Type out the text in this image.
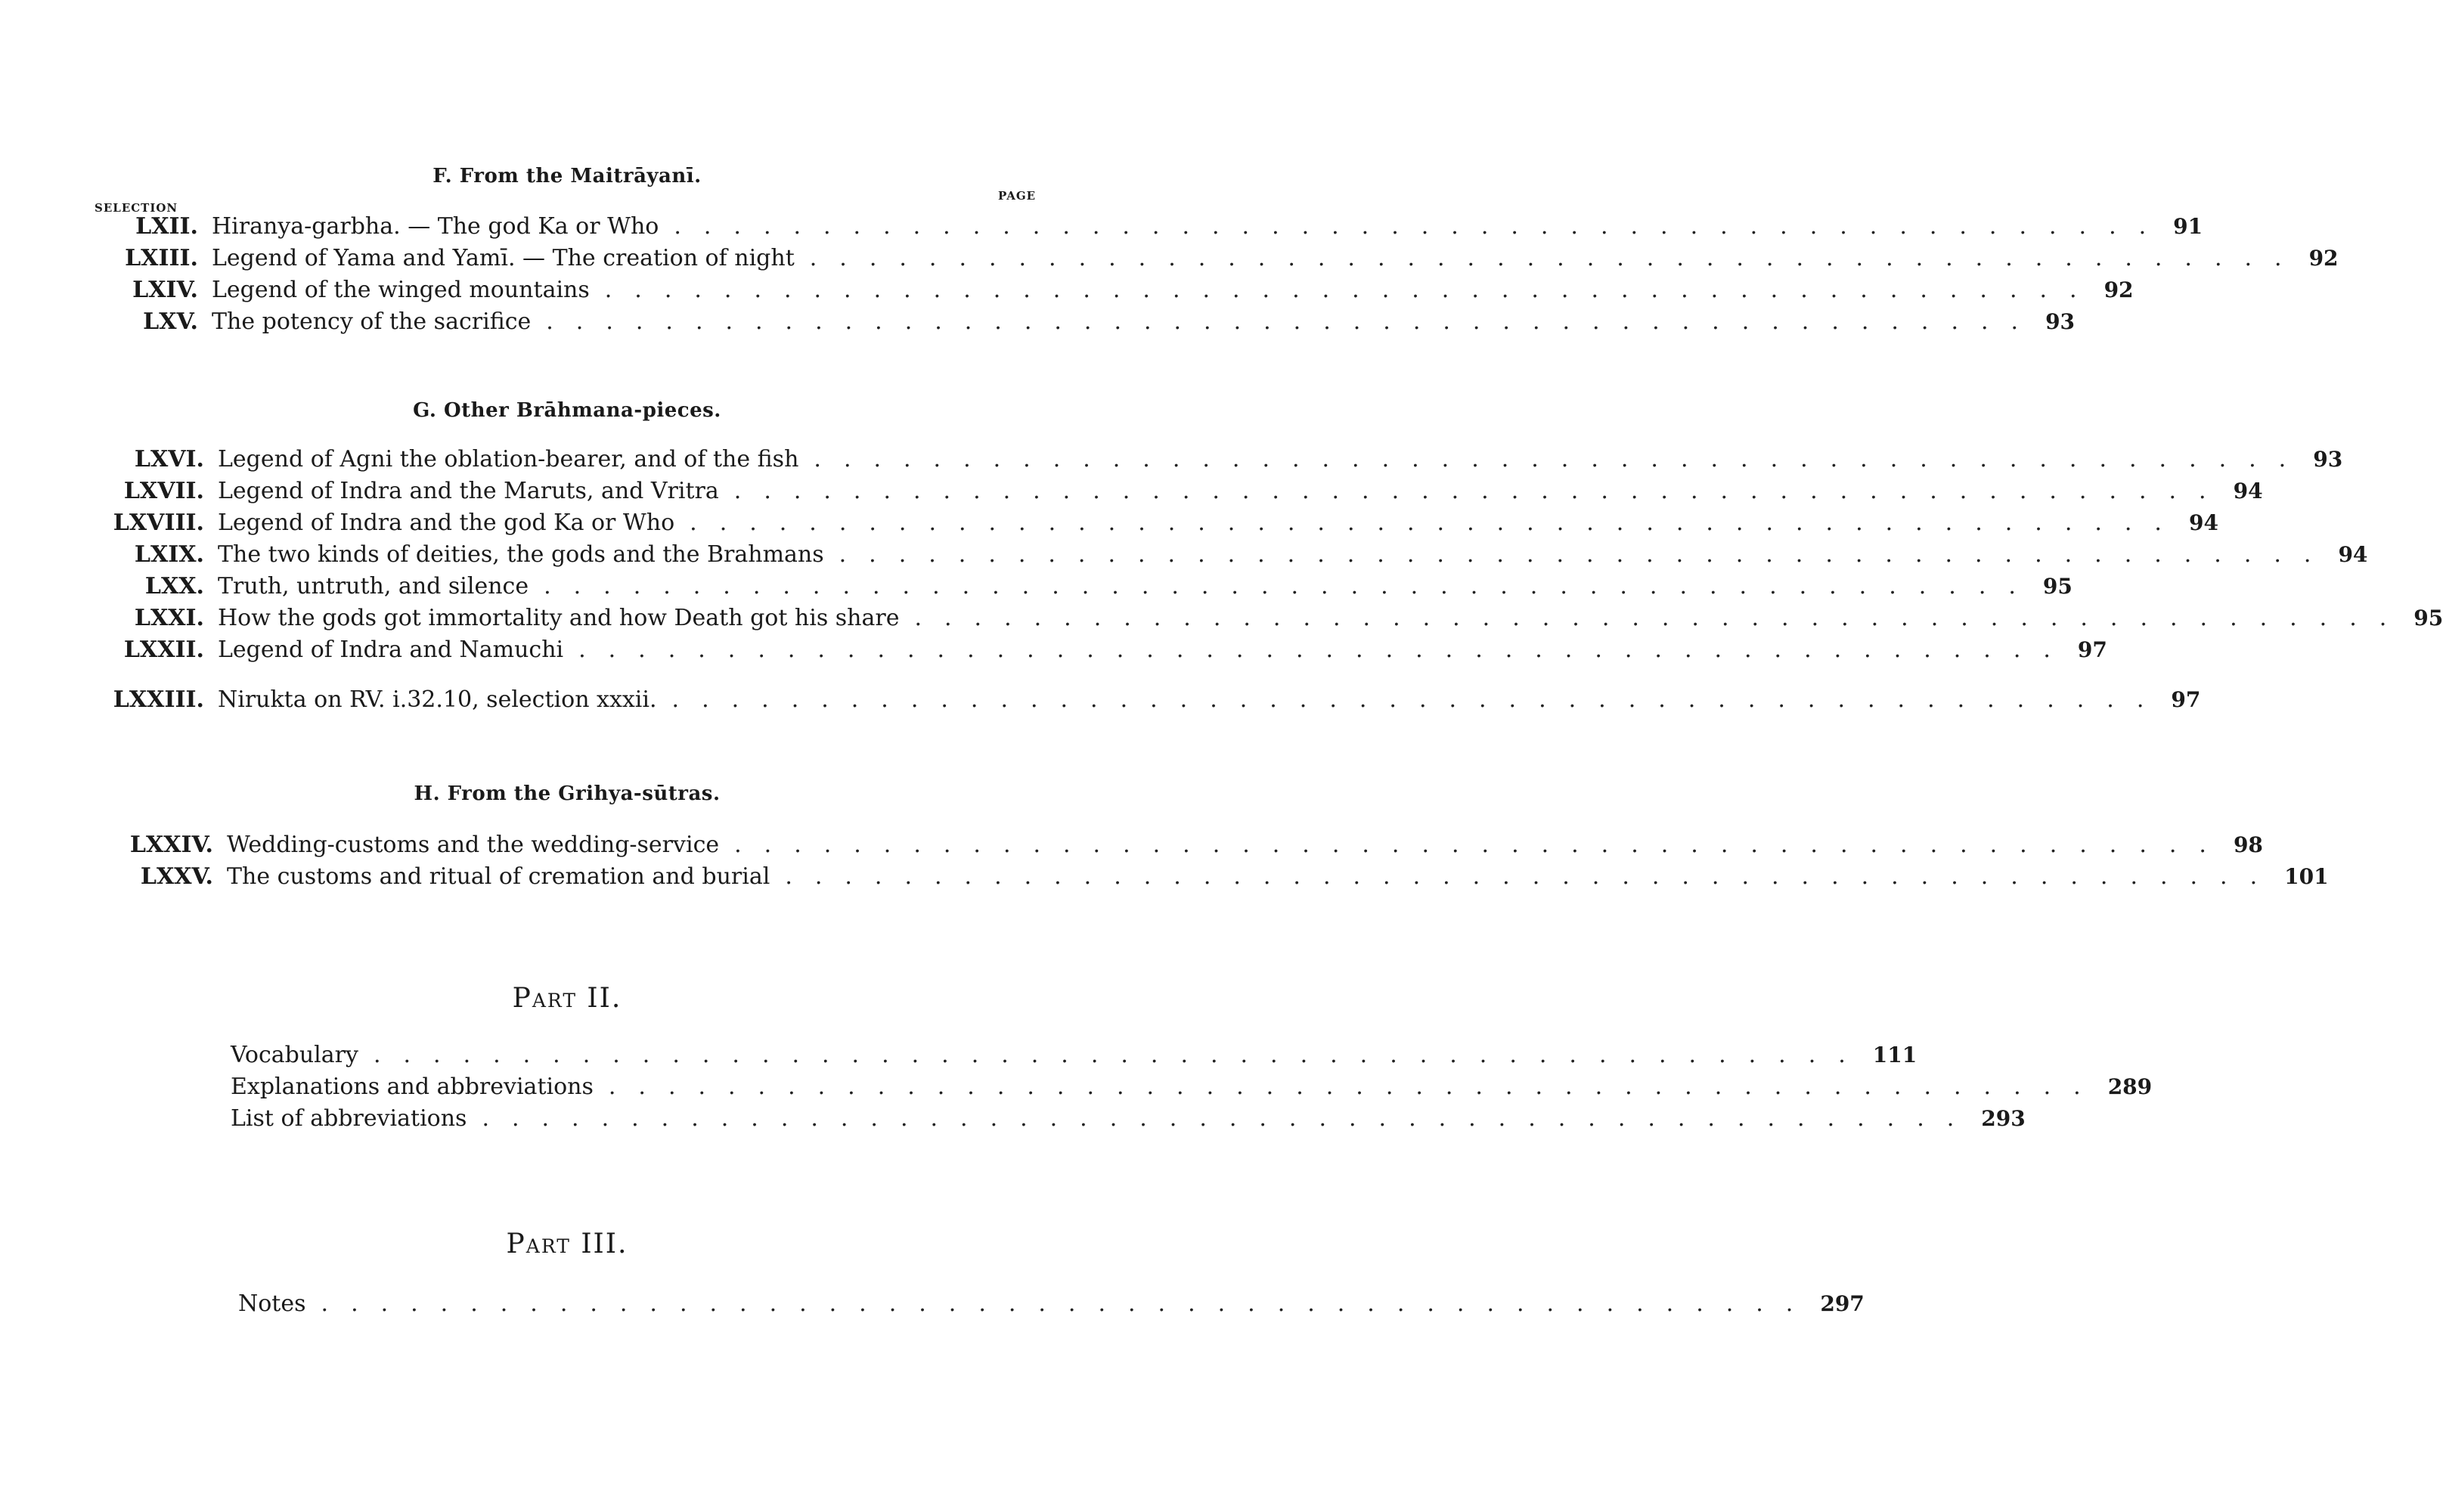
F. From the Maitrāyanī.
SELECTION
PAGE
LXII. Hiranya-garbha. — The god Ka or Who .................................................. 91
LXIII. Legend of Yama and Yamī. — The creation of night .................................................. 92
LXIV. Legend of the winged mountains .................................................. 92
LXV. The potency of the sacrifice .................................................. 93
G. Other Brāhmana-pieces.
LXVI. Legend of Agni the oblation-bearer, and of the fish .................................................. 93
LXVII. Legend of Indra and the Maruts, and Vritra .................................................. 94
LXVIII. Legend of Indra and the god Ka or Who .................................................. 94
LXIX. The two kinds of deities, the gods and the Brahmans .................................................. 94
LXX. Truth, untruth, and silence .................................................. 95
LXXI. How the gods got immortality and how Death got his share .................................................. 95
LXXII. Legend of Indra and Namuchi .................................................. 97
LXXIII. Nirukta on RV. i.32.10, selection xxxii. .................................................. 97
H. From the Grihya-sūtras.
LXXIV. Wedding-customs and the wedding-service .................................................. 98
LXXV. The customs and ritual of cremation and burial .................................................. 101
Part II.
Vocabulary .................................................. 111
Explanations and abbreviations .................................................. 289
List of abbreviations .................................................. 293
Part III.
Notes .................................................. 297
